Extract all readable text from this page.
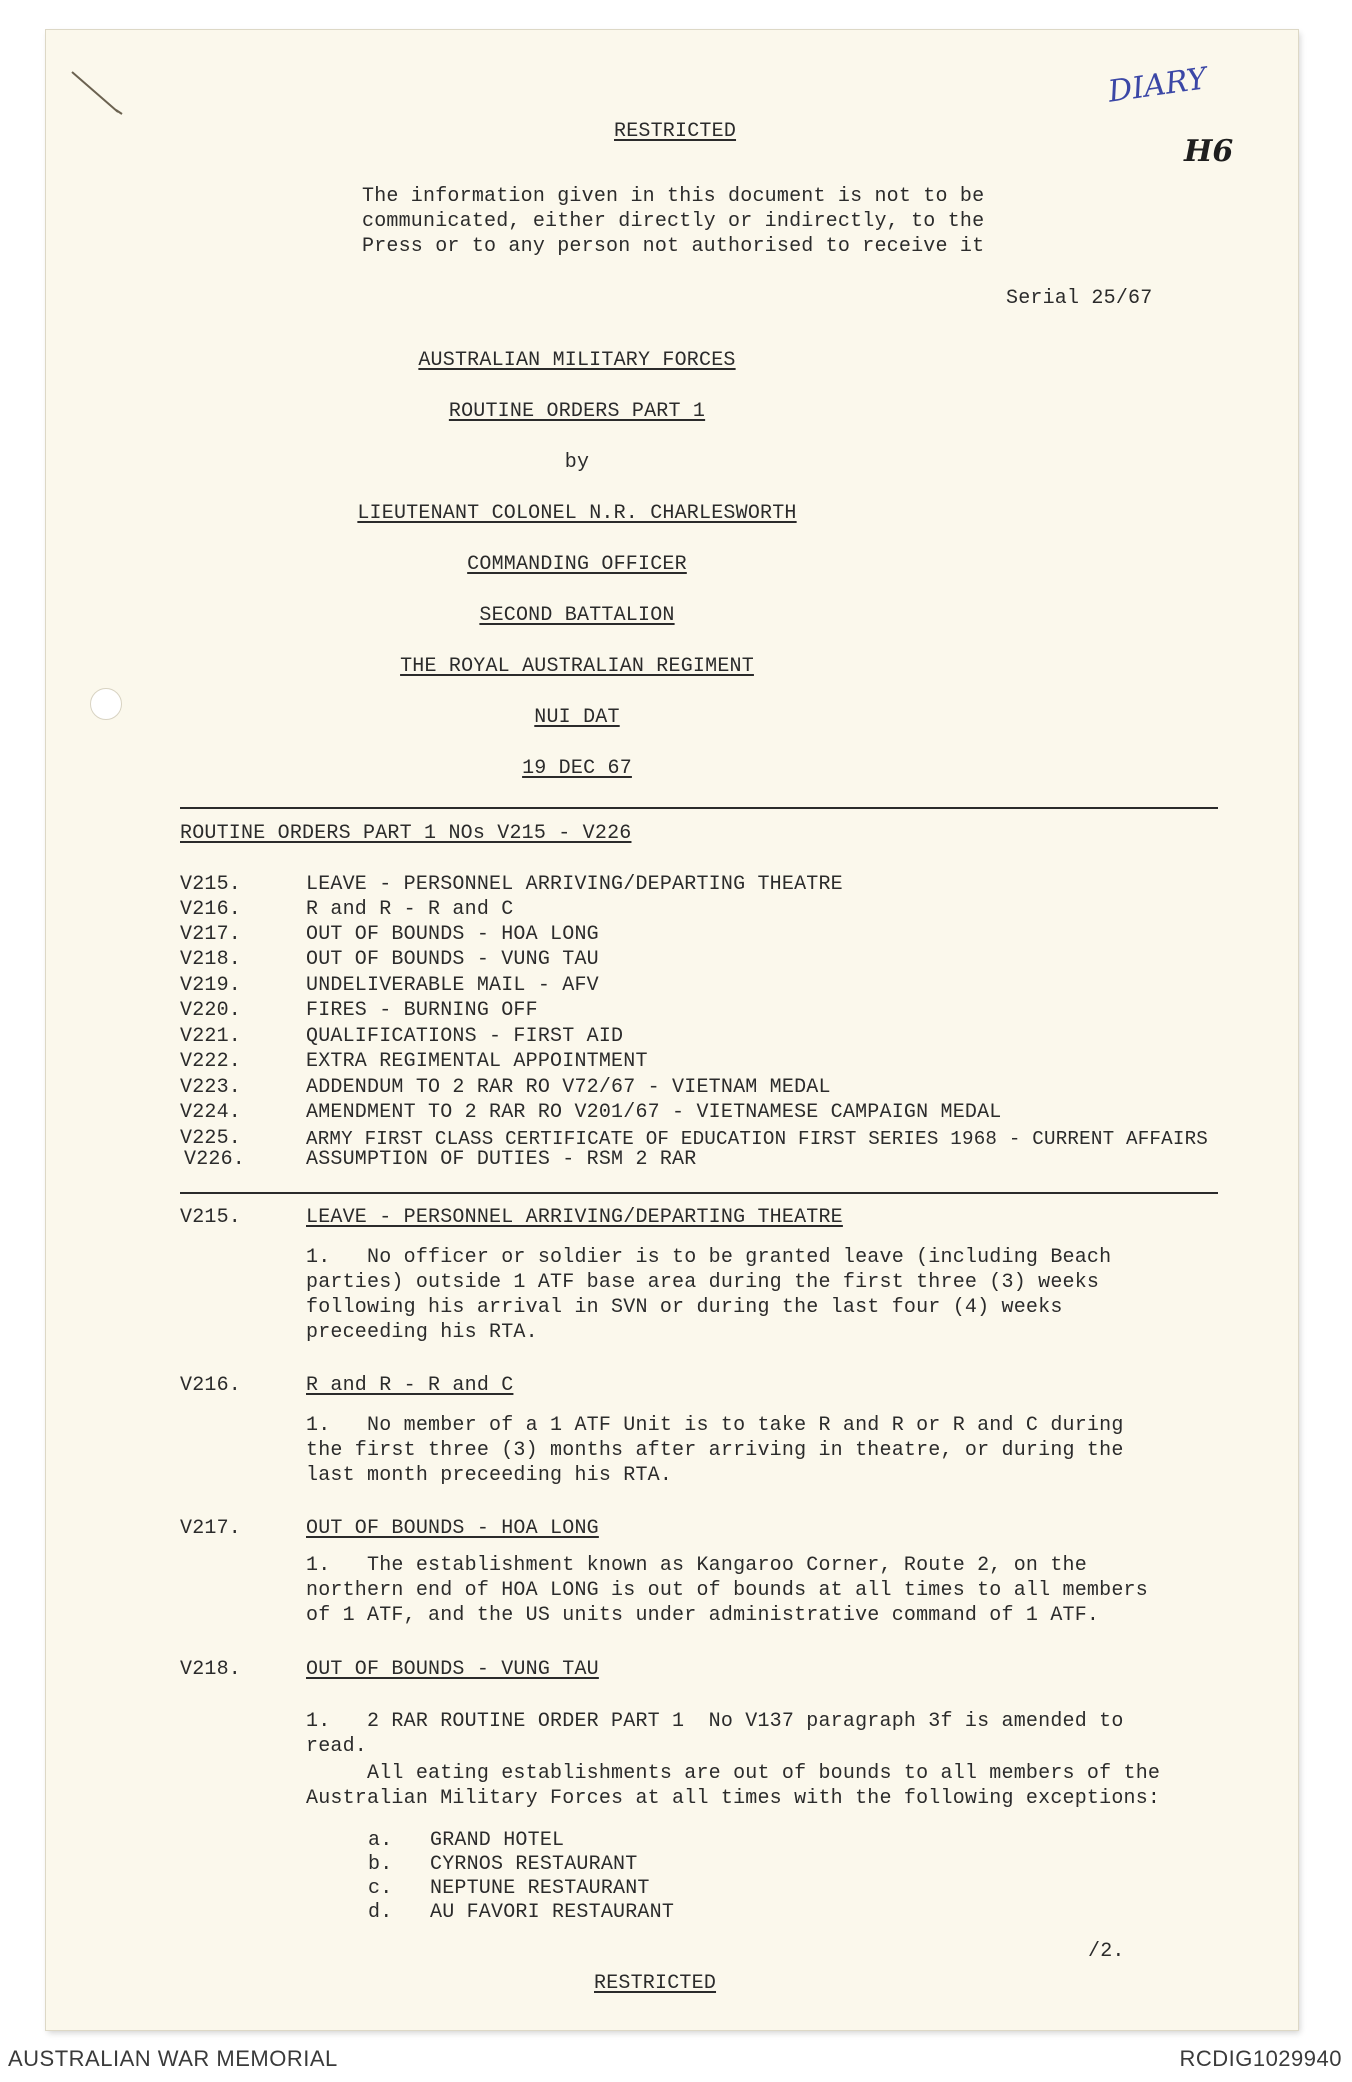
DIARY
H6
RESTRICTED
The information given in this document is not to be
communicated, either directly or indirectly, to the
Press or to any person not authorised to receive it
Serial 25/67
AUSTRALIAN MILITARY FORCES
ROUTINE ORDERS PART 1
by
LIEUTENANT COLONEL N.R. CHARLESWORTH
COMMANDING OFFICER
SECOND BATTALION
THE ROYAL AUSTRALIAN REGIMENT
NUI DAT
19 DEC 67
ROUTINE ORDERS PART 1 NOs V215 - V226
V215.	LEAVE - PERSONNEL ARRIVING/DEPARTING THEATRE
V216.	R and R - R and C
V217.	OUT OF BOUNDS - HOA LONG
V218.	OUT OF BOUNDS - VUNG TAU
V219.	UNDELIVERABLE MAIL - AFV
V220.	FIRES - BURNING OFF
V221.	QUALIFICATIONS - FIRST AID
V222.	EXTRA REGIMENTAL APPOINTMENT
V223.	ADDENDUM TO 2 RAR RO V72/67 - VIETNAM MEDAL
V224.	AMENDMENT TO 2 RAR RO V201/67 - VIETNAMESE CAMPAIGN MEDAL
V225.	ARMY FIRST CLASS CERTIFICATE OF EDUCATION FIRST SERIES 1968 - CURRENT AFFAIRS
V226.	ASSUMPTION OF DUTIES - RSM 2 RAR
V215.	LEAVE - PERSONNEL ARRIVING/DEPARTING THEATRE
1.   No officer or soldier is to be granted leave (including Beach
parties) outside 1 ATF base area during the first three (3) weeks
following his arrival in SVN or during the last four (4) weeks
preceeding his RTA.
V216.	R and R - R and C
1.   No member of a 1 ATF Unit is to take R and R or R and C during
the first three (3) months after arriving in theatre, or during the
last month preceeding his RTA.
V217.	OUT OF BOUNDS - HOA LONG
1.   The establishment known as Kangaroo Corner, Route 2, on the
northern end of HOA LONG is out of bounds at all times to all members
of 1 ATF, and the US units under administrative command of 1 ATF.
V218.	OUT OF BOUNDS - VUNG TAU
1.   2 RAR ROUTINE ORDER PART 1  No V137 paragraph 3f is amended to
read.
All eating establishments are out of bounds to all members of the
Australian Military Forces at all times with the following exceptions:
a. GRAND HOTEL
b. CYRNOS RESTAURANT
c. NEPTUNE RESTAURANT
d. AU FAVORI RESTAURANT
/2.
RESTRICTED
AUSTRALIAN WAR MEMORIAL	RCDIG1029940
